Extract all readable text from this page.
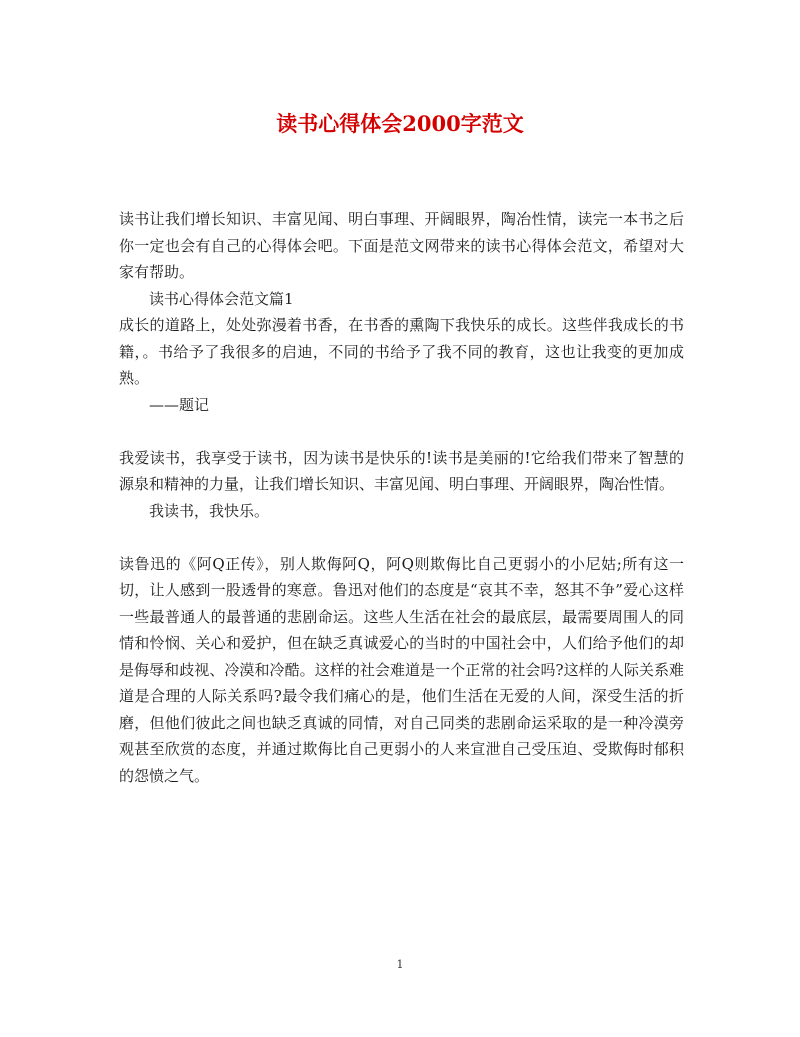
读书心得体会2000字范文

读书让我们增长知识、丰富见闻、明白事理、开阔眼界，陶冶性情，读完一本书之后你一定也会有自己的心得体会吧。下面是范文网带来的读书心得体会范文，希望对大家有帮助。

读书心得体会范文篇1

成长的道路上，处处弥漫着书香，在书香的熏陶下我快乐的成长。这些伴我成长的书籍，。书给予了我很多的启迪，不同的书给予了我不同的教育，这也让我变的更加成熟。

——题记

我爱读书，我享受于读书，因为读书是快乐的!读书是美丽的!它给我们带来了智慧的源泉和精神的力量，让我们增长知识、丰富见闻、明白事理、开阔眼界，陶冶性情。

我读书，我快乐。

读鲁迅的《阿Q正传》，别人欺侮阿Q，阿Q则欺侮比自己更弱小的小尼姑;所有这一切，让人感到一股透骨的寒意。鲁迅对他们的态度是“哀其不幸，怒其不争”爱心这样一些最普通人的最普通的悲剧命运。这些人生活在社会的最底层，最需要周围人的同情和怜悯、关心和爱护，但在缺乏真诚爱心的当时的中国社会中，人们给予他们的却是侮辱和歧视、冷漠和冷酷。这样的社会难道是一个正常的社会吗?这样的人际关系难道是合理的人际关系吗?最令我们痛心的是，他们生活在无爱的人间，深受生活的折磨，但他们彼此之间也缺乏真诚的同情，对自己同类的悲剧命运采取的是一种冷漠旁观甚至欣赏的态度，并通过欺侮比自己更弱小的人来宣泄自己受压迫、受欺侮时郁积的怨愤之气。

1
